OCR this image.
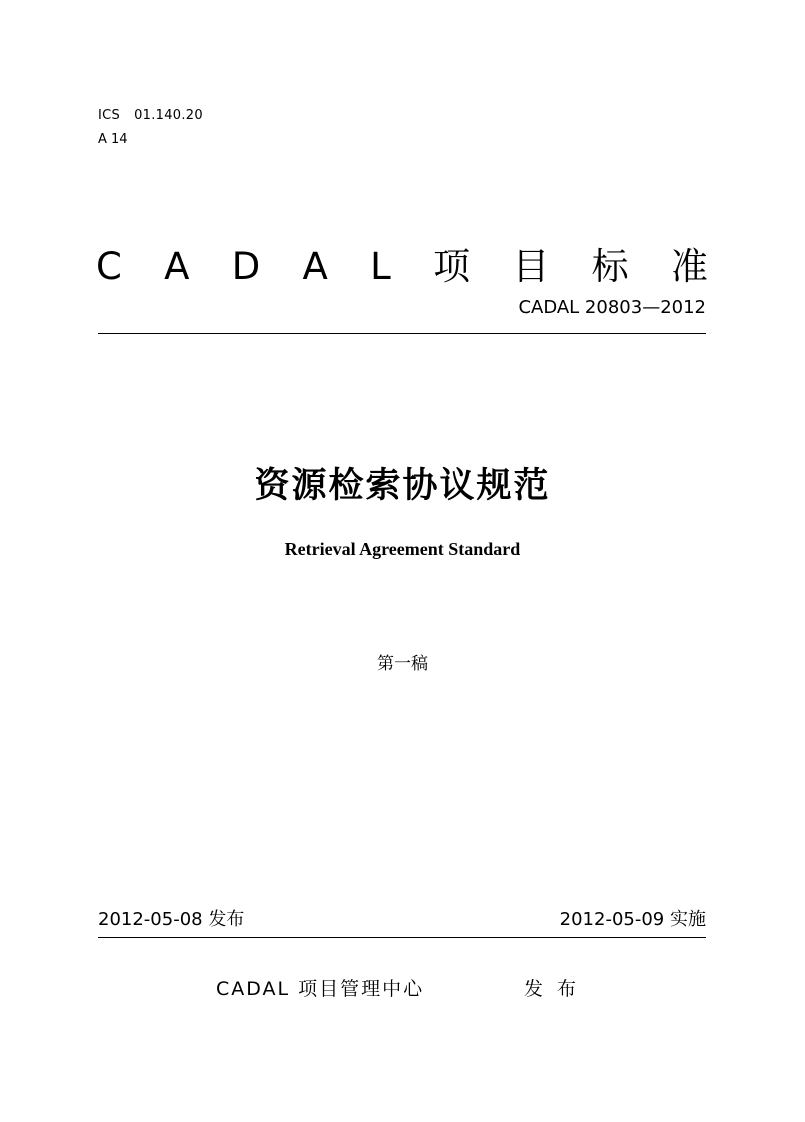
ICS 01.140.20
A 14
C A D A L 项 目 标 准
CADAL 20803—2012
资源检索协议规范
Retrieval Agreement Standard
第一稿
2012-05-08 发布	2012-05-09 实施
CADAL 项目管理中心	发布
